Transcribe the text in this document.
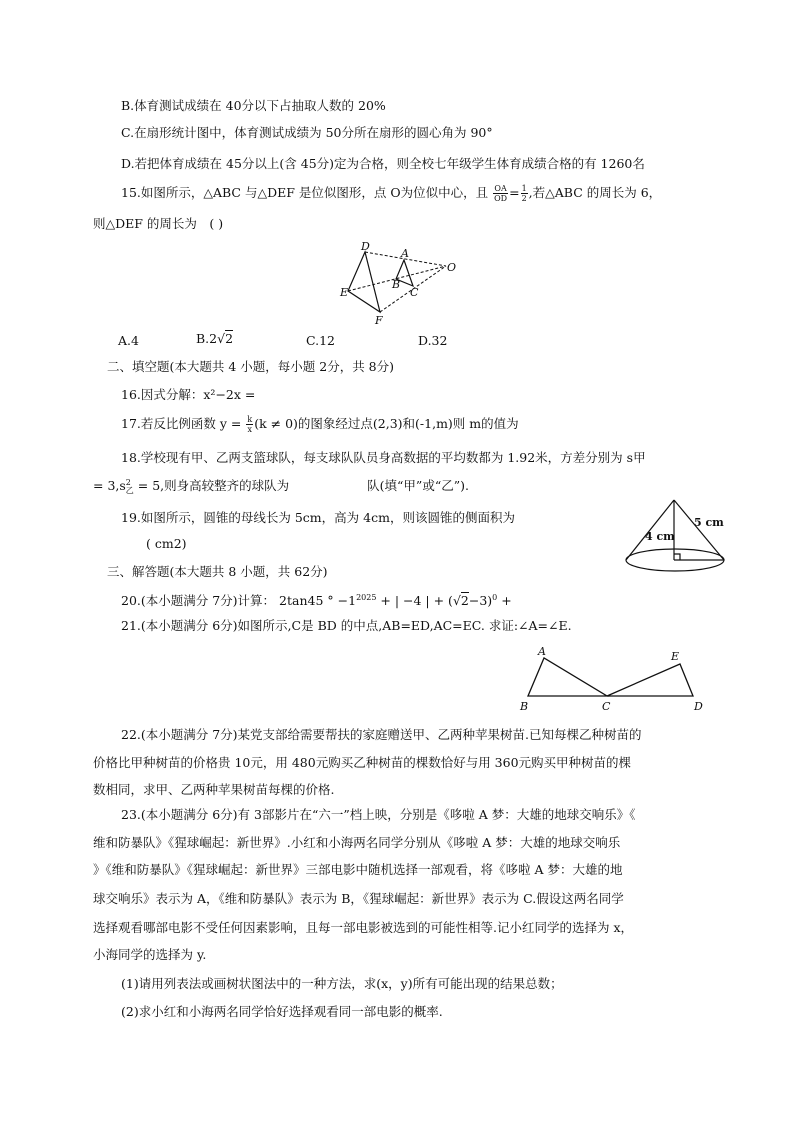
B.体育测试成绩在 40分以下占抽取人数的 20%
C.在扇形统计图中，体育测试成绩为 50分所在扇形的圆心角为 90°
D.若把体育成绩在 45分以上(含 45分)定为合格，则全校七年级学生体育成绩合格的有 1260名
15.如图所示，△ABC 与△DEF 是位似图形，点 O为位似中心，且 $\frac{OA}{OD} = \frac{1}{2}$ ,若△ABC 的周长为 6，
则△DEF 的周长为　( )
D
A
O
E
B
C
F
A.4	B.2√2	C.12	D.32
二、填空题(本大题共 4 小题，每小题 2分，共 8分)
16.因式分解：x²−2x =
17.若反比例函数 $y = \frac{k}{x} (k \ne 0)$的图象经过点(2,3)和(-1,m)则 m的值为
18.学校现有甲、乙两支篮球队，每支球队队员身高数据的平均数都为 1.92米，方差分别为 s甲
= 3,s 2
乙 = 5,则身高较整齐的球队为	队(填“甲”或“乙”).
19.如图所示，圆锥的母线长为 5cm，高为 4cm，则该圆锥的侧面积为
( cm2)
5 cm
4 cm
三、解答题(本大题共 8 小题，共 62分)
20.(本小题满分 7分)计算： 2tan45 ° $-1^{2025}$ + | −4 | + $(√2-3)^0$ +
21.(本小题满分 6分)如图所示,C是 BD 的中点,AB=ED,AC=EC. 求证:∠A=∠E.
A	E
B	C	D
22.(本小题满分 7分)某党支部给需要帮扶的家庭赠送甲、乙两种苹果树苗.已知每棵乙种树苗的
价格比甲种树苗的价格贵 10元，用 480元购买乙种树苗的棵数恰好与用 360元购买甲种树苗的棵
数相同，求甲、乙两种苹果树苗每棵的价格.
23.(本小题满分 6分)有 3部影片在“六一”档上映，分别是《哆啦 A 梦：大雄的地球交响乐》《
维和防暴队》《猩球崛起：新世界》.小红和小海两名同学分别从《哆啦 A 梦：大雄的地球交响乐
》《维和防暴队》《猩球崛起：新世界》三部电影中随机选择一部观看，将《哆啦 A 梦：大雄的地
球交响乐》表示为 A，《维和防暴队》表示为 B，《猩球崛起：新世界》表示为 C.假设这两名同学
选择观看哪部电影不受任何因素影响，且每一部电影被选到的可能性相等.记小红同学的选择为 x，
小海同学的选择为 y.
(1)请用列表法或画树状图法中的一种方法，求(x，y)所有可能出现的结果总数；
(2)求小红和小海两名同学恰好选择观看同一部电影的概率.
